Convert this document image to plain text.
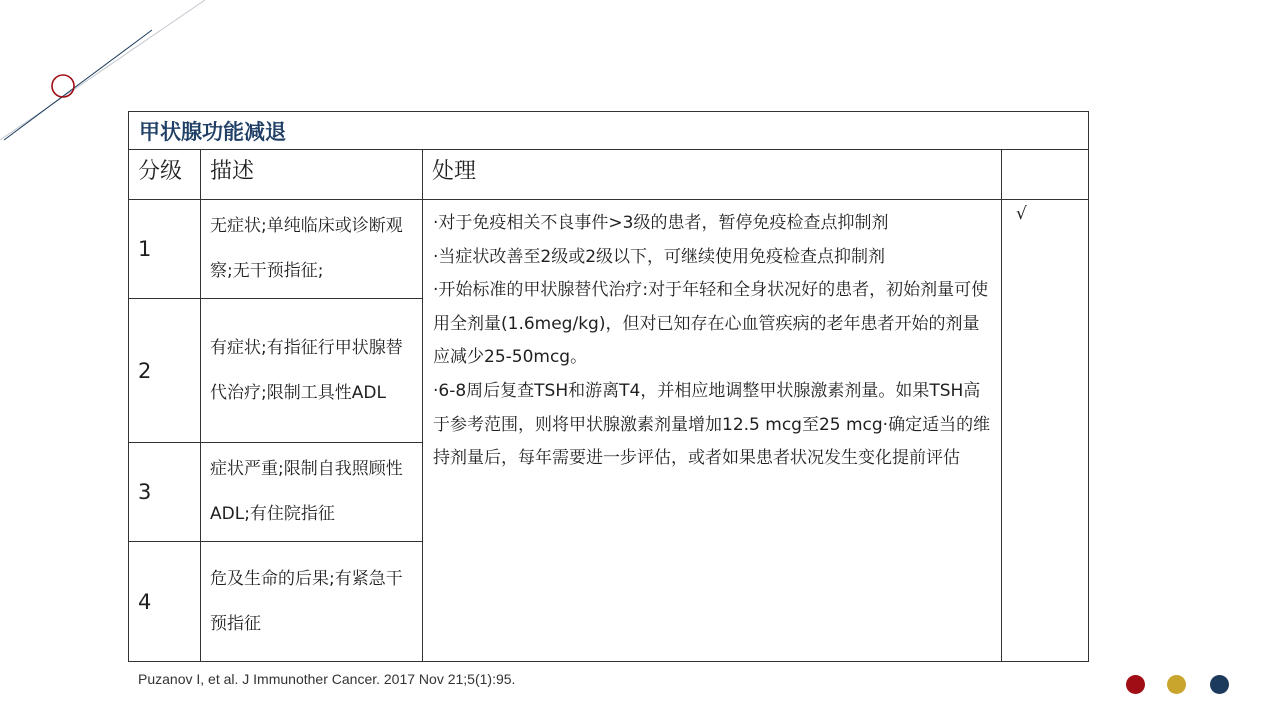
甲状腺功能减退			

分级	描述	处理	

1	无症状;单纯临床或诊断观察;无干预指征;	·对于免疫相关不良事件>3级的患者，暂停免疫检查点抑制剂

·当症状改善至2级或2级以下，可继续使用免疫检查点抑制剂

·开始标准的甲状腺替代治疗:对于年轻和全身状况好的患者，初始剂量可使用全剂量(1.6meg/kg)，但对已知存在心血管疾病的老年患者开始的剂量应减少25-50mcg。

·6-8周后复查TSH和游离T4，并相应地调整甲状腺激素剂量。如果TSH高于参考范围，则将甲状腺激素剂量增加12.5 mcg至25 mcg·确定适当的维持剂量后，每年需要进一步评估，或者如果患者状况发生变化提前评估	√
2	有症状;有指征行甲状腺替代治疗;限制工具性ADL		
3	症状严重;限制自我照顾性ADL;有住院指征		
4	危及生命的后果;有紧急干预指征		
Puzanov I, et al. J Immunother Cancer. 2017 Nov 21;5(1):95.	19
